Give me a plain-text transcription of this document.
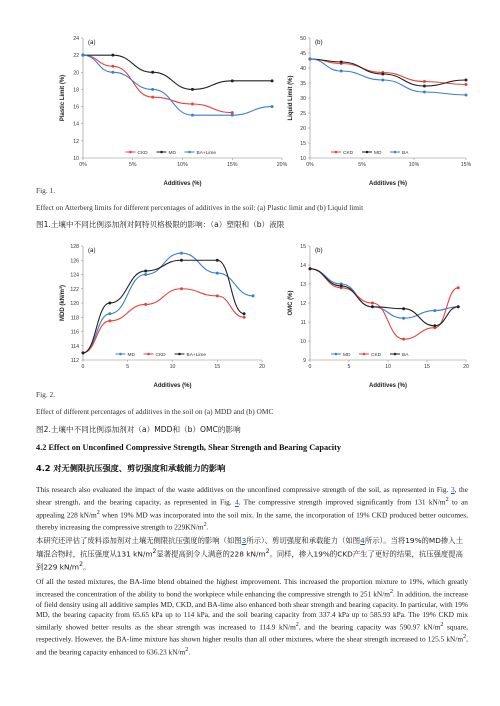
10
12
14
16
18
20
22
24
0%	5%	10%	15%	20%
(a)
Additives (%)
Plastic Limit (%)
CKD	MD	BA+Lime
10
15
20
25
30
35
40
45
50
0%	5%	10%	15%
(b)
Additives (%)
Liquid Limit (%)
CKD	MD	BA
Fig. 1.
Effect on Atterberg limits for different percentages of additives in the soil: (a) Plastic limit and (b) Liquid limit
图1.土壤中不同比例添加剂对阿特贝格极限的影响：（a）塑限和（b）液限
112
114
116
118
120
122
124
126
128
0	5	10	15	20
(a)
Additives (%)
MDD (kN/m³)
MD	CKD	BA+Lime
9
10
11
12
13
14
15
0	5	10	15	20
(b)
Additives (%)
OMC (%)
MD	CKD	BA
Fig. 2.
Effect of different percentages of additives in the soil on (a) MDD and (b) OMC
图2.土壤中不同比例添加剂对（a）MDD和（b）OMC的影响
4.2 Effect on Unconfined Compressive Strength, Shear Strength and Bearing Capacity
4.2 对无侧限抗压强度、剪切强度和承载能力的影响
This research also evaluated the impact of the waste additives on the unconfined compressive strength of the soil, as represented in Fig. 3, the shear strength, and the bearing capacity, as represented in Fig. 4. The compressive strength improved significantly from 131 $kN/m^2$ to an appealing 228 $kN/m^2$ when 19% MD was incorporated into the soil mix. In the same, the incorporation of 19% CKD produced better outcomes, thereby increasing the compressive strength to $229KN/m^2$.
本研究还评估了废料添加剂对土壤无侧限抗压强度的影响（如图3所示）、剪切强度和承载能力（如图4所示）。当将19%的MD掺入土壤混合物时，抗压强度从131 $kN/m^2$显著提高到令人满意的228 $kN/m^2$。同样，掺入19%的CKD产生了更好的结果，抗压强度提高到229 $kN/m^2$。
Of all the tested mixtures, the BA-lime blend obtained the highest improvement. This increased the proportion mixture to 19%, which greatly increased the concentration of the ability to bond the workpiece while enhancing the compressive strength to 251 $kN/m^2$. In addition, the increase of field density using all additive samples MD, CKD, and BA-lime also enhanced both shear strength and bearing capacity. In particular, with 19% MD, the bearing capacity from 65.65 kPa up to 114 kPa, and the soil bearing capacity from 337.4 kPa up to 585.93 kPa. The 19% CKD mix similarly showed better results as the shear strength was increased to 114.9 $kN/m^2$, and the bearing capacity was 590.97 $kN/m^2$ square, respectively. However, the BA-lime mixture has shown higher results than all other mixtures, where the shear strength increased to 125.5 $kN/m^2$, and the bearing capacity enhanced to 636.23 $kN/m^2$.
